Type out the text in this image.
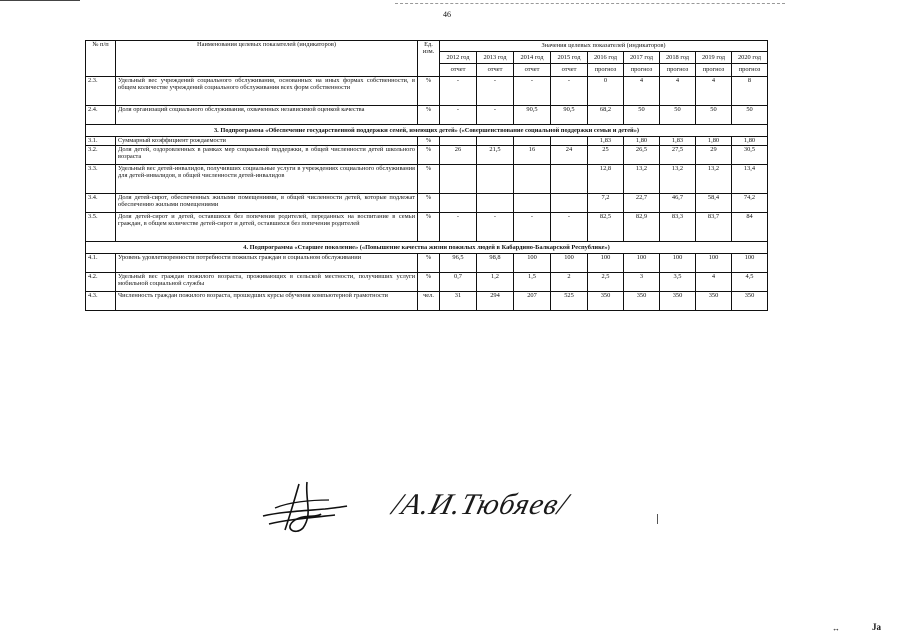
46
№ п/п	Наименования целевых показателей (индикаторов)	Ед. изм.	Значения целевых показателей (индикаторов)								
			2012 год	2013 год	2014 год	2015 год	2016 год	2017 год	2018 год	2019 год	2020 год
			отчет	отчет	отчет	отчет	прогноз	прогноз	прогноз	прогноз	прогноз
2.3.	Удельный вес учреждений социального обслуживания, основанных на иных формах собственности, в общем количестве учреждений социального обслуживания всех форм собственности	%	-	-	-	-	0	4	4	4	8
2.4.	Доля организаций социального обслуживания, охваченных независимой оценкой качества	%	-	-	90,5	90,5	68,2	50	50	50	50
3. Подпрограмма «Обеспечение государственной поддержки семей, имеющих детей» («Совершенствование социальной поддержки семьи и детей»)											
3.1.	Суммарный коэффициент рождаемости	%					1,83	1,80	1,83	1,80	1,80
3.2.	Доля детей, оздоровленных в рамках мер социальной поддержки, в общей численности детей школьного возраста	%	26	21,5	16	24	25	26,5	27,5	29	30,5
3.3.	Удельный вес детей-инвалидов, получивших социальные услуги в учреждениях социального обслуживания для детей-инвалидов, в общей численности детей-инвалидов	%					12,8	13,2	13,2	13,2	13,4
3.4.	Доля детей-сирот, обеспеченных жилыми помещениями, в общей численности детей, которые подлежат обеспечению жилыми помещениями	%					7,2	22,7	46,7	58,4	74,2
3.5.	Доля детей-сирот и детей, оставшихся без попечения родителей, переданных на воспитание в семьи граждан, в общем количестве детей-сирот и детей, оставшихся без попечения родителей	%	-	-	-	-	82,5	82,9	83,3	83,7	84
4. Подпрограмма «Старшее поколение» («Повышение качества жизни пожилых людей в Кабардино-Балкарской Республике»)											
4.1.	Уровень удовлетворенности потребности пожилых граждан в социальном обслуживании	%	96,5	98,8	100	100	100	100	100	100	100
4.2.	Удельный вес граждан пожилого возраста, проживающих в сельской местности, получивших услуги мобильной социальной службы	%	0,7	1,2	1,5	2	2,5	3	3,5	4	4,5
4.3.	Численность граждан пожилого возраста, прошедших курсы обучения компьютерной грамотности	чел.	31	294	207	525	350	350	350	350	350
/А.И.Тюбяев/
↔	Ja
